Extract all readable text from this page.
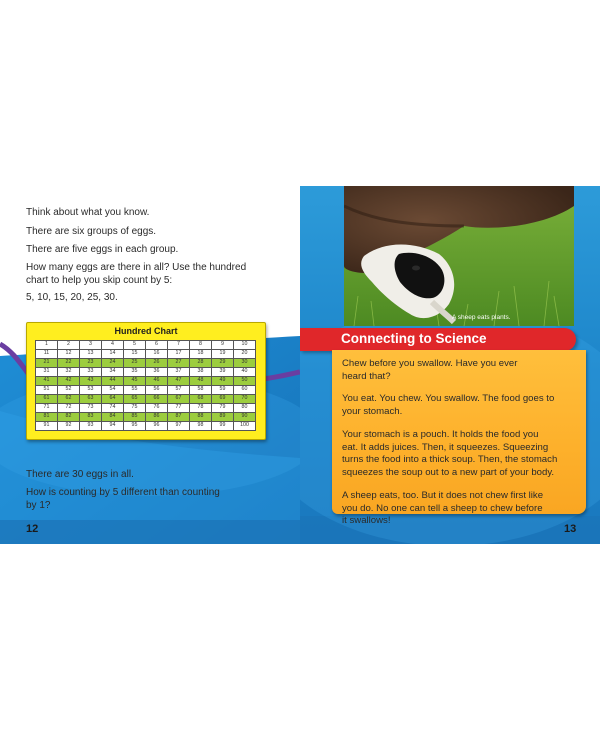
Think about what you know.
There are six groups of eggs.
There are five eggs in each group.
How many eggs are there in all? Use the hundred
chart to help you skip count by 5:
5, 10, 15, 20, 25, 30.
Hundred Chart
1	2	3	4	5	6	7	8	9	10
11	12	13	14	15	16	17	18	19	20
21	22	23	24	25	26	27	28	29	30
31	32	33	34	35	36	37	38	39	40
41	42	43	44	45	46	47	48	49	50
51	52	53	54	55	56	57	58	59	60
61	62	63	64	65	66	67	68	69	70
71	72	73	74	75	76	77	78	79	80
81	82	83	84	85	86	87	88	89	90
91	92	93	94	95	96	97	98	99	100
There are 30 eggs in all.
How is counting by 5 different than counting
by 1?
12
A sheep eats plants.
Connecting to Science
Chew before you swallow. Have you ever
heard that?
You eat. You chew. You swallow. The food goes to
your stomach.
Your stomach is a pouch. It holds the food you
eat. It adds juices. Then, it squeezes. Squeezing
turns the food into a thick soup. Then, the stomach
squeezes the soup out to a new part of your body.
A sheep eats, too. But it does not chew first like
you do. No one can tell a sheep to chew before
it swallows!
13
